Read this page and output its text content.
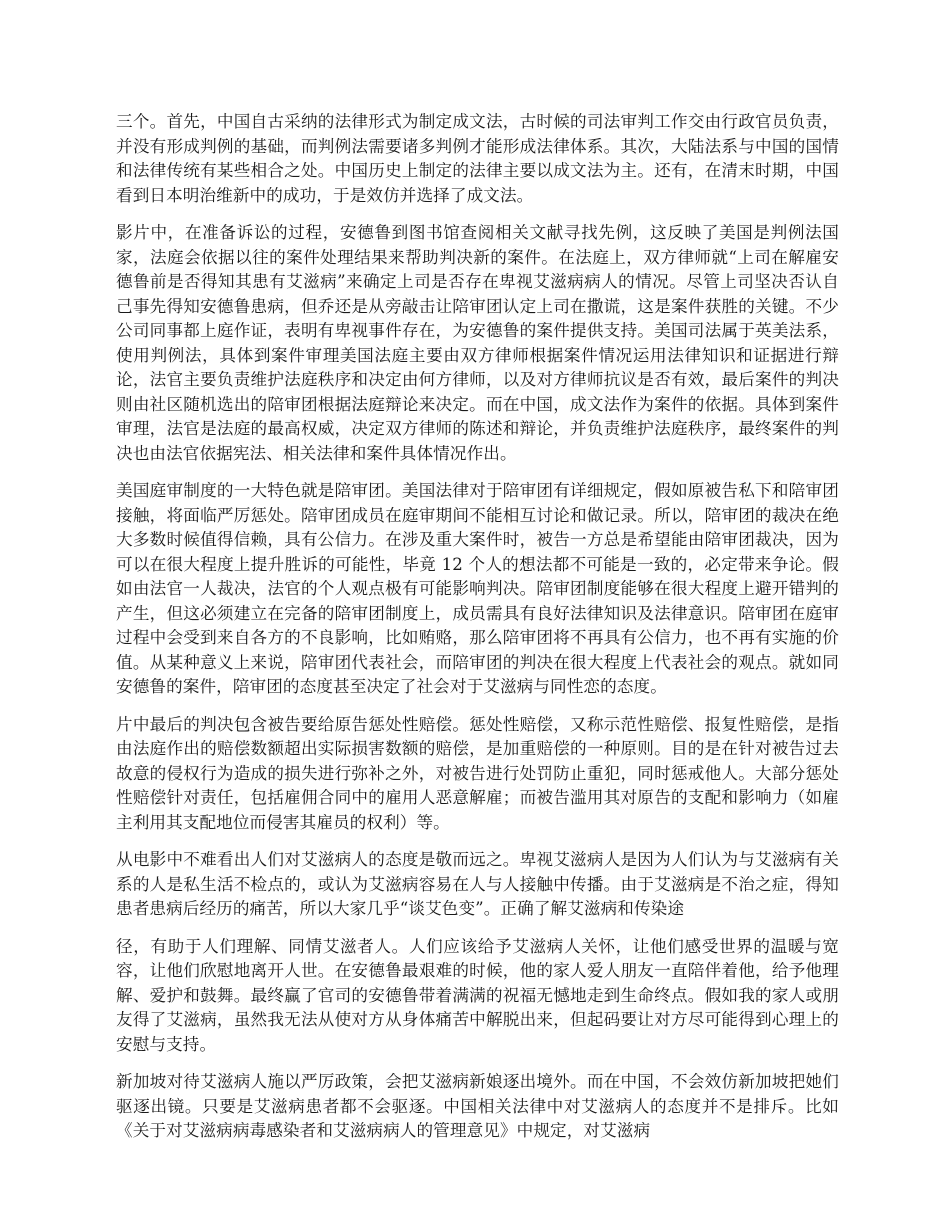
三个。首先，中国自古采纳的法律形式为制定成文法，古时候的司法审判工作交由行政官员负责，并没有形成判例的基础，而判例法需要诸多判例才能形成法律体系。其次，大陆法系与中国的国情和法律传统有某些相合之处。中国历史上制定的法律主要以成文法为主。还有，在清末时期，中国看到日本明治维新中的成功，于是效仿并选择了成文法。

影片中，在准备诉讼的过程，安德鲁到图书馆查阅相关文献寻找先例，这反映了美国是判例法国家，法庭会依据以往的案件处理结果来帮助判决新的案件。在法庭上，双方律师就“上司在解雇安德鲁前是否得知其患有艾滋病”来确定上司是否存在卑视艾滋病病人的情况。尽管上司坚决否认自己事先得知安德鲁患病，但乔还是从旁敲击让陪审团认定上司在撒谎，这是案件获胜的关键。不少公司同事都上庭作证，表明有卑视事件存在，为安德鲁的案件提供支持。美国司法属于英美法系，使用判例法，具体到案件审理美国法庭主要由双方律师根据案件情况运用法律知识和证据进行辩论，法官主要负责维护法庭秩序和决定由何方律师，以及对方律师抗议是否有效，最后案件的判决则由社区随机选出的陪审团根据法庭辩论来决定。而在中国，成文法作为案件的依据。具体到案件审理，法官是法庭的最高权威，决定双方律师的陈述和辩论，并负责维护法庭秩序，最终案件的判决也由法官依据宪法、相关法律和案件具体情况作出。

美国庭审制度的一大特色就是陪审团。美国法律对于陪审团有详细规定，假如原被告私下和陪审团接触，将面临严厉惩处。陪审团成员在庭审期间不能相互讨论和做记录。所以，陪审团的裁决在绝大多数时候值得信赖，具有公信力。在涉及重大案件时，被告一方总是希望能由陪审团裁决，因为可以在很大程度上提升胜诉的可能性，毕竟 12 个人的想法都不可能是一致的，必定带来争论。假如由法官一人裁决，法官的个人观点极有可能影响判决。陪审团制度能够在很大程度上避开错判的产生，但这必须建立在完备的陪审团制度上，成员需具有良好法律知识及法律意识。陪审团在庭审过程中会受到来自各方的不良影响，比如贿赂，那么陪审团将不再具有公信力，也不再有实施的价值。从某种意义上来说，陪审团代表社会，而陪审团的判决在很大程度上代表社会的观点。就如同安德鲁的案件，陪审团的态度甚至决定了社会对于艾滋病与同性恋的态度。

片中最后的判决包含被告要给原告惩处性赔偿。惩处性赔偿，又称示范性赔偿、报复性赔偿，是指由法庭作出的赔偿数额超出实际损害数额的赔偿，是加重赔偿的一种原则。目的是在针对被告过去故意的侵权行为造成的损失进行弥补之外，对被告进行处罚防止重犯，同时惩戒他人。大部分惩处性赔偿针对责任，包括雇佣合同中的雇用人恶意解雇；而被告滥用其对原告的支配和影响力（如雇主利用其支配地位而侵害其雇员的权利）等。

从电影中不难看出人们对艾滋病人的态度是敬而远之。卑视艾滋病人是因为人们认为与艾滋病有关系的人是私生活不检点的，或认为艾滋病容易在人与人接触中传播。由于艾滋病是不治之症，得知患者患病后经历的痛苦，所以大家几乎“谈艾色变”。正确了解艾滋病和传染途

径，有助于人们理解、同情艾滋者人。人们应该给予艾滋病人关怀，让他们感受世界的温暖与宽容，让他们欣慰地离开人世。在安德鲁最艰难的时候，他的家人爱人朋友一直陪伴着他，给予他理解、爱护和鼓舞。最终赢了官司的安德鲁带着满满的祝福无憾地走到生命终点。假如我的家人或朋友得了艾滋病，虽然我无法从使对方从身体痛苦中解脱出来，但起码要让对方尽可能得到心理上的安慰与支持。

新加坡对待艾滋病人施以严厉政策，会把艾滋病新娘逐出境外。而在中国，不会效仿新加坡把她们驱逐出镜。只要是艾滋病患者都不会驱逐。中国相关法律中对艾滋病人的态度并不是排斥。比如《关于对艾滋病病毒感染者和艾滋病病人的管理意见》中规定，对艾滋病
